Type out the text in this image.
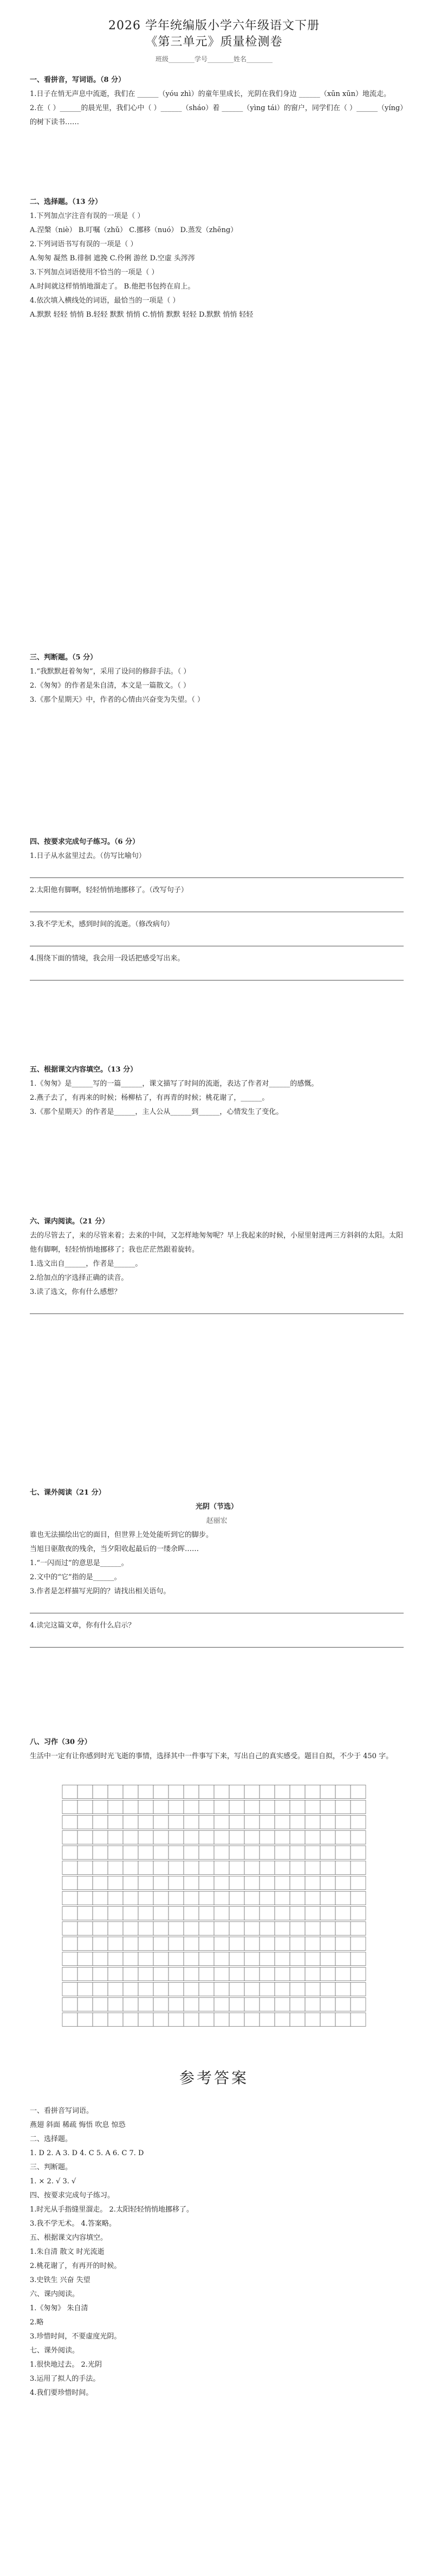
2026 学年统编版小学六年级语文下册
《第三单元》质量检测卷
班级________学号________姓名________

一、看拼音，写词语。（8 分）

1.日子在悄无声息中流逝，我们在 ______（yóu zhì）的童年里成长，光阴在我们身边 ______（xūn xūn）地流走。

2.在（ ）______的晨光里，我们心中（ ）______（sháo）着 ______（yìng tái）的窗户，同学们在（ ）______（yíng）的树下读书……

二、选择题。（13 分）

1.下列加点字注音有误的一项是（ ）

A.涅槃（niè） B.叮嘱（zhǔ） C.挪移（nuó） D.蒸发（zhēng）

2.下列词语书写有误的一项是（ ）

A.匆匆 凝然 B.徘徊 遮挽 C.伶俐 游丝 D.空虚 头涔涔

3.下列加点词语使用不恰当的一项是（ ）

A.时间就这样悄悄地溜走了。 B.他把书包挎在肩上。

4.依次填入横线处的词语，最恰当的一项是（ ）

A.默默 轻轻 悄悄 B.轻轻 默默 悄悄 C.悄悄 默默 轻轻 D.默默 悄悄 轻轻

三、判断题。（5 分）

1.“我默默赶着匆匆”，采用了设问的修辞手法。（ ）

2.《匆匆》的作者是朱自清，本文是一篇散文。（ ）

3.《那个星期天》中，作者的心情由兴奋变为失望。（ ）

四、按要求完成句子练习。（6 分）

1.日子从水盆里过去。（仿写比喻句）

2.太阳他有脚啊，轻轻悄悄地挪移了。（改写句子）

3.我不学无术，感到时间的流逝。（修改病句）

4.围绕下面的情境，我会用一段话把感受写出来。

五、根据课文内容填空。（13 分）

1.《匆匆》是______写的一篇______，课文描写了时间的流逝，表达了作者对______的感慨。

2.燕子去了，有再来的时候；杨柳枯了，有再青的时候；桃花谢了，______。

3.《那个星期天》的作者是______，主人公从______到______，心情发生了变化。

六、课内阅读。（21 分）

去的尽管去了，来的尽管来着；去来的中间，又怎样地匆匆呢？早上我起来的时候，小屋里射进两三方斜斜的太阳。太阳他有脚啊，轻轻悄悄地挪移了；我也茫茫然跟着旋转。

1.选文出自______，作者是______。

2.给加点的字选择正确的读音。

3.读了选文，你有什么感想？

七、课外阅读（21 分）

光阴（节选）

赵丽宏

谁也无法描绘出它的面目，但世界上处处能听到它的脚步。

当旭日驱散夜的残余，当夕阳收起最后的一缕余晖……

1.“一闪而过”的意思是______。

2.文中的“它”指的是______。

3.作者是怎样描写光阴的？请找出相关语句。

4.读完这篇文章，你有什么启示？

八、习作（30 分）

生活中一定有让你感到时光飞逝的事情，选择其中一件事写下来，写出自己的真实感受。题目自拟，不少于 450 字。

参考答案

一、看拼音写词语。

燕翅 斜面 稀疏 悔悟 吹息 惊恐

二、选择题。

1. D 2. A 3. D 4. C 5. A 6. C 7. D

三、判断题。

1. × 2. √ 3. √

四、按要求完成句子练习。

1.时光从手指缝里溜走。 2.太阳轻轻悄悄地挪移了。

3.我不学无术。 4.答案略。

五、根据课文内容填空。

1.朱自清 散文 时光流逝

2.桃花谢了，有再开的时候。

3.史铁生 兴奋 失望

六、课内阅读。

1.《匆匆》 朱自清

2.略

3.珍惜时间，不要虚度光阴。

七、课外阅读。

1.很快地过去。 2.光阴

3.运用了拟人的手法。

4.我们要珍惜时间。
